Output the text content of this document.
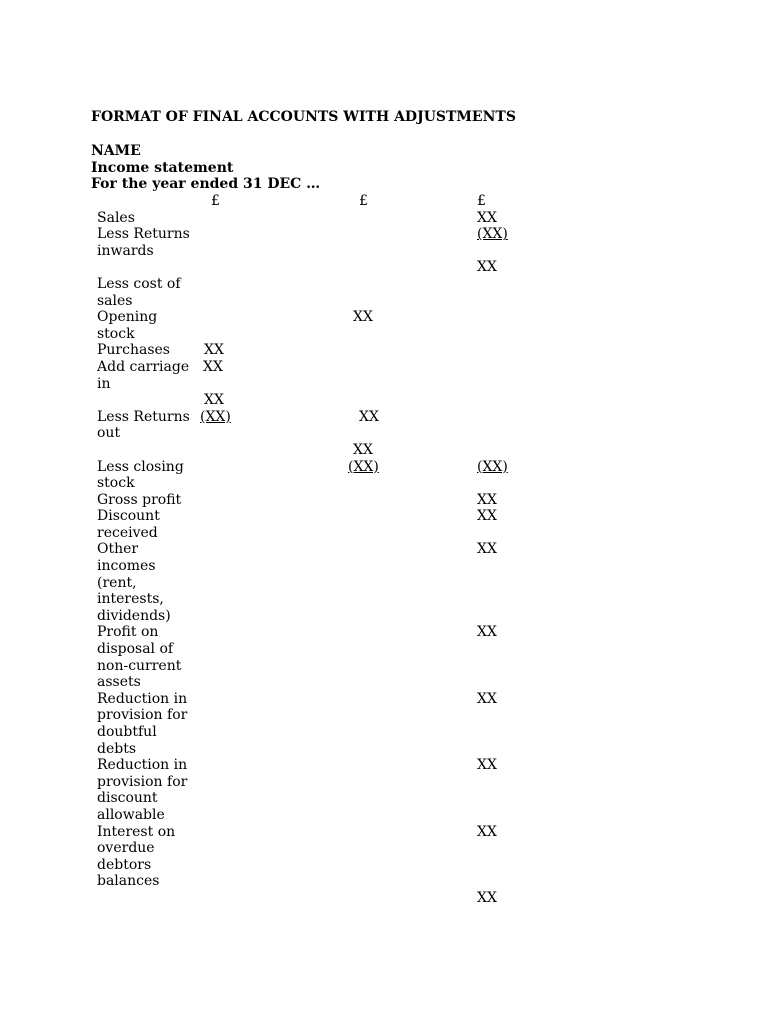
FORMAT OF FINAL ACCOUNTS WITH ADJUSTMENTS
NAME
Income statement
For the year ended 31 DEC …
	£	£	£
Sales			XX
Less Returns inwards			(XX)
			XX
Less cost of sales			
Opening stock		XX	
Purchases	XX		
Add carriage in	XX		
	XX		
Less Returns out	(XX)	XX	
		XX	
Less closing stock		(XX)	(XX)
Gross profit			XX
Discount received			XX
Other incomes (rent, interests, dividends)			XX
Profit on disposal of non-current assets			XX
Reduction in provision for doubtful debts			XX
Reduction in provision for discount allowable			XX
Interest on overdue debtors balances			XX
			XX
